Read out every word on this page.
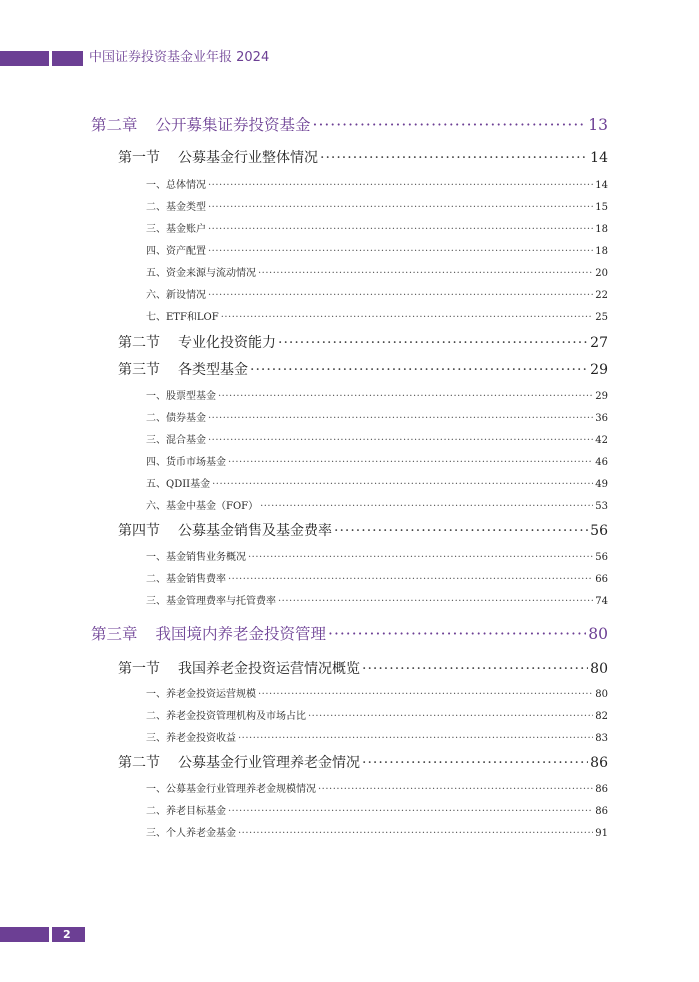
中国证券投资基金业年报 2024
第二章 公开募集证券投资基金 ·····	13
第一节 公募基金行业整体情况 ·····	14
一、总体情况 ·····	14
二、基金类型 ·····	15
三、基金账户 ·····	18
四、资产配置 ·····	18
五、资金来源与流动情况 ·····	20
六、新设情况 ·····	22
七、ETF和LOF ·····	25
第二节 专业化投资能力 ·····	27
第三节 各类型基金 ·····	29
一、股票型基金 ·····	29
二、债券基金 ·····	36
三、混合基金 ·····	42
四、货币市场基金 ·····	46
五、QDII基金 ·····	49
六、基金中基金（FOF） ·····	53
第四节 公募基金销售及基金费率 ·····	56
一、基金销售业务概况 ·····	56
二、基金销售费率 ·····	66
三、基金管理费率与托管费率 ·····	74
第三章 我国境内养老金投资管理 ·····	80
第一节 我国养老金投资运营情况概览 ·····	80
一、养老金投资运营规模 ·····	80
二、养老金投资管理机构及市场占比 ·····	82
三、养老金投资收益 ·····	83
第二节 公募基金行业管理养老金情况 ·····	86
一、公募基金行业管理养老金规模情况 ·····	86
二、养老目标基金 ·····	86
三、个人养老金基金 ·····	91
2
